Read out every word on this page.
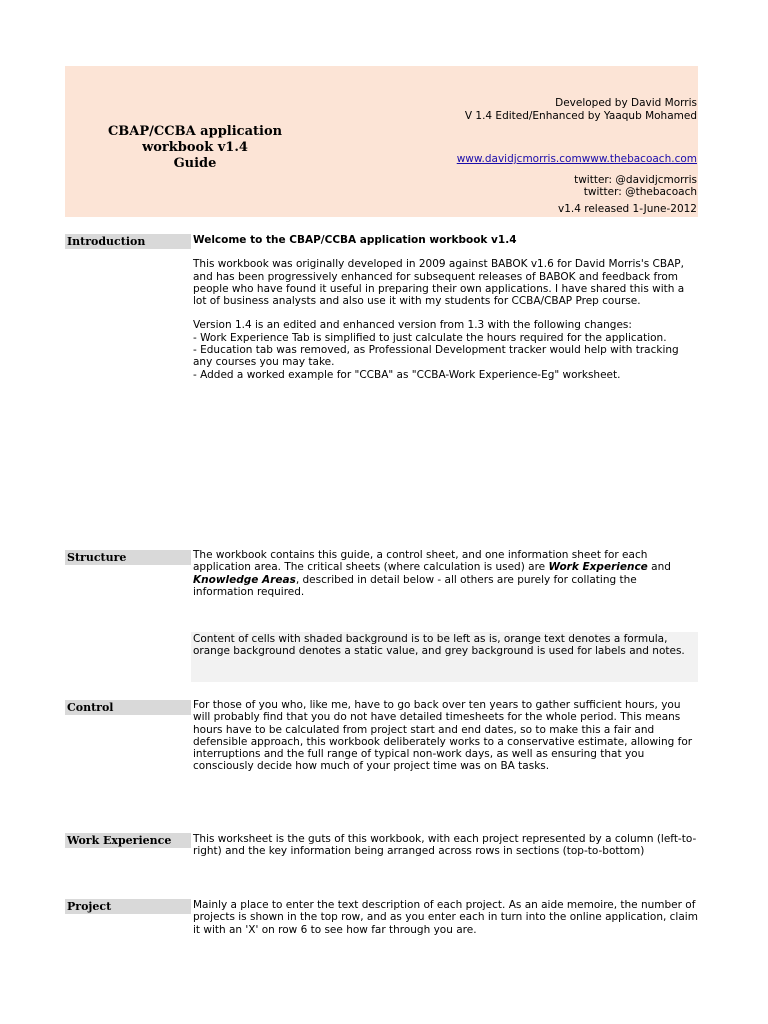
CBAP/CCBA application workbook v1.4
Guide
Developed by David Morris
V 1.4 Edited/Enhanced by Yaaqub Mohamed
www.davidjcmorris.comwww.thebacoach.com
twitter: @davidjcmorris
twitter: @thebacoach
v1.4 released 1-June-2012
Introduction	Welcome to the CBAP/CCBA application workbook v1.4

This workbook was originally developed in 2009 against BABOK v1.6 for David Morris's CBAP, and has been progressively enhanced for subsequent releases of BABOK and feedback from people who have found it useful in preparing their own applications. I have shared this with a lot of business analysts and also use it with my students for CCBA/CBAP Prep course.

Version 1.4 is an edited and enhanced version from 1.3 with the following changes:

- Work Experience Tab is simplified to just calculate the hours required for the application.

- Education tab was removed, as Professional Development tracker would help with tracking any courses you may take.

- Added a worked example for "CCBA" as "CCBA-Work Experience-Eg" worksheet.

Structure	The workbook contains this guide, a control sheet, and one information sheet for each application area. The critical sheets (where calculation is used) are Work Experience and Knowledge Areas, described in detail below - all others are purely for collating the information required.

Content of cells with shaded background is to be left as is, orange text denotes a formula, orange background denotes a static value, and grey background is used for labels and notes.
Control	For those of you who, like me, have to go back over ten years to gather sufficient hours, you will probably find that you do not have detailed timesheets for the whole period. This means hours have to be calculated from project start and end dates, so to make this a fair and defensible approach, this workbook deliberately works to a conservative estimate, allowing for interruptions and the full range of typical non-work days, as well as ensuring that you consciously decide how much of your project time was on BA tasks.
Work Experience	This worksheet is the guts of this workbook, with each project represented by a column (left-to-right) and the key information being arranged across rows in sections (top-to-bottom)
Project	Mainly a place to enter the text description of each project. As an aide memoire, the number of projects is shown in the top row, and as you enter each in turn into the online application, claim it with an 'X' on row 6 to see how far through you are.
